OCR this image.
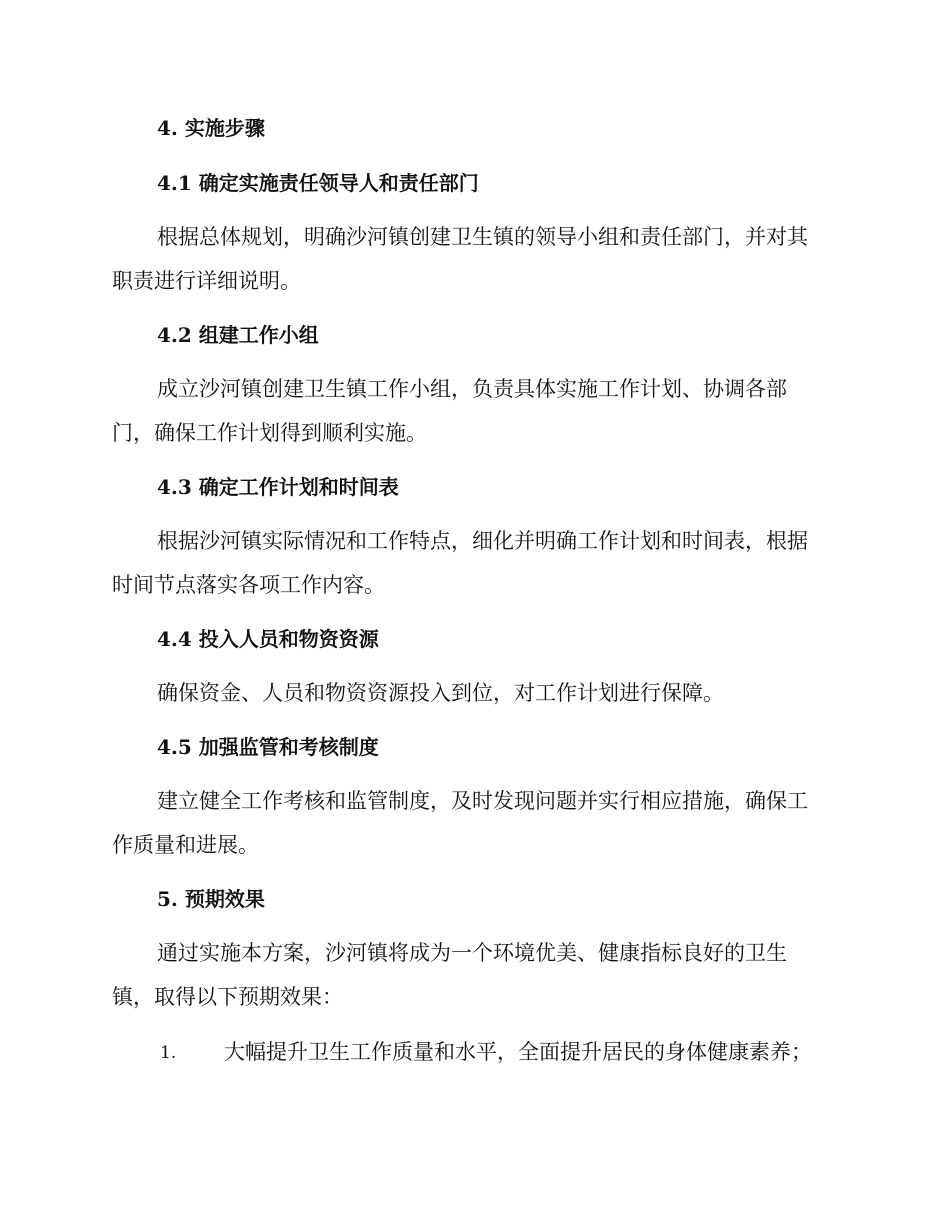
4. 实施步骤
4.1 确定实施责任领导人和责任部门
根据总体规划，明确沙河镇创建卫生镇的领导小组和责任部门，并对其
职责进行详细说明。
4.2 组建工作小组
成立沙河镇创建卫生镇工作小组，负责具体实施工作计划、协调各部
门，确保工作计划得到顺利实施。
4.3 确定工作计划和时间表
根据沙河镇实际情况和工作特点，细化并明确工作计划和时间表，根据
时间节点落实各项工作内容。
4.4 投入人员和物资资源
确保资金、人员和物资资源投入到位，对工作计划进行保障。
4.5 加强监管和考核制度
建立健全工作考核和监管制度，及时发现问题并实行相应措施，确保工
作质量和进展。
5. 预期效果
通过实施本方案，沙河镇将成为一个环境优美、健康指标良好的卫生
镇，取得以下预期效果：
1. 大幅提升卫生工作质量和水平，全面提升居民的身体健康素养；
